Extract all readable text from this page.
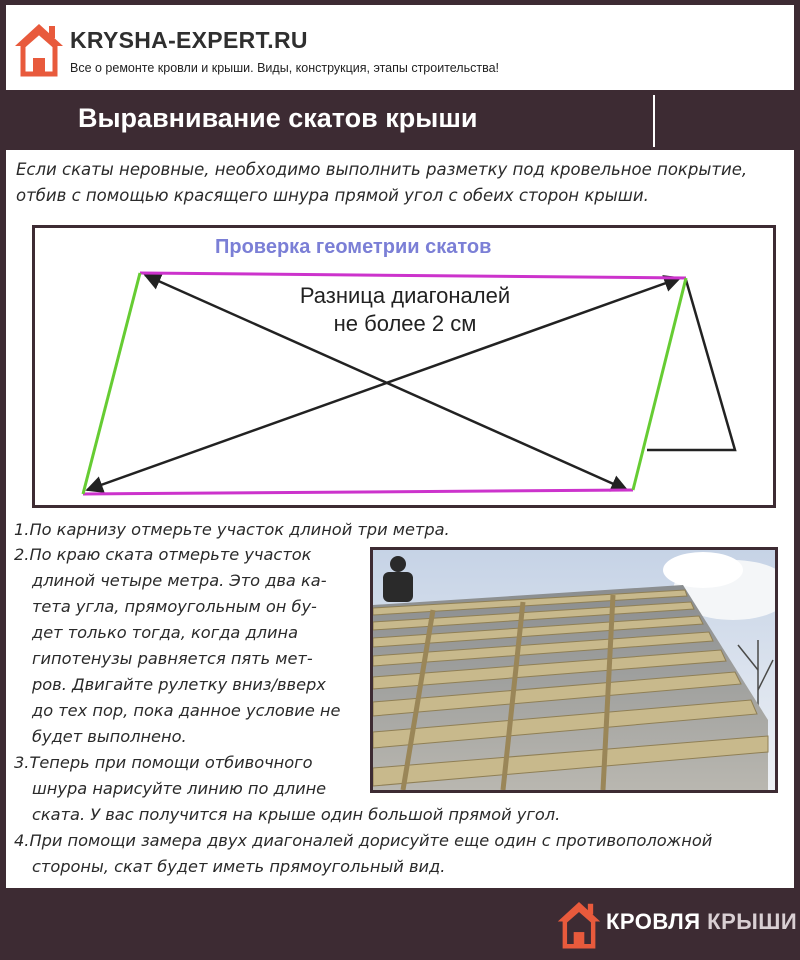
KRYSHA-EXPERT.RU
Все о ремонте кровли и крыши. Виды, конструкция, этапы строительства!
Выравнивание скатов крыши
Если скаты неровные, необходимо выполнить разметку под кровельное покрытие, отбив с помощью красящего шнура прямой угол с обеих сторон крыши.
Проверка геометрии скатов
Разница диагоналей
не более 2 см
1.По карнизу отмерьте участок длиной три метра.
2.По краю ската отмерьте участок
длиной четыре метра. Это два ка-
тета угла, прямоугольным он бу-
дет только тогда, когда длина
гипотенузы равняется пять мет-
ров. Двигайте рулетку вниз/вверх
до тех пор, пока данное условие не
будет выполнено.
3.Теперь при помощи отбивочного
шнура нарисуйте линию по длине
ската. У вас получится на крыше один большой прямой угол.
4.При помощи замера двух диагоналей дорисуйте еще один с противоположной
стороны, скат будет иметь прямоугольный вид.
КРОВЛЯ КРЫШИ
